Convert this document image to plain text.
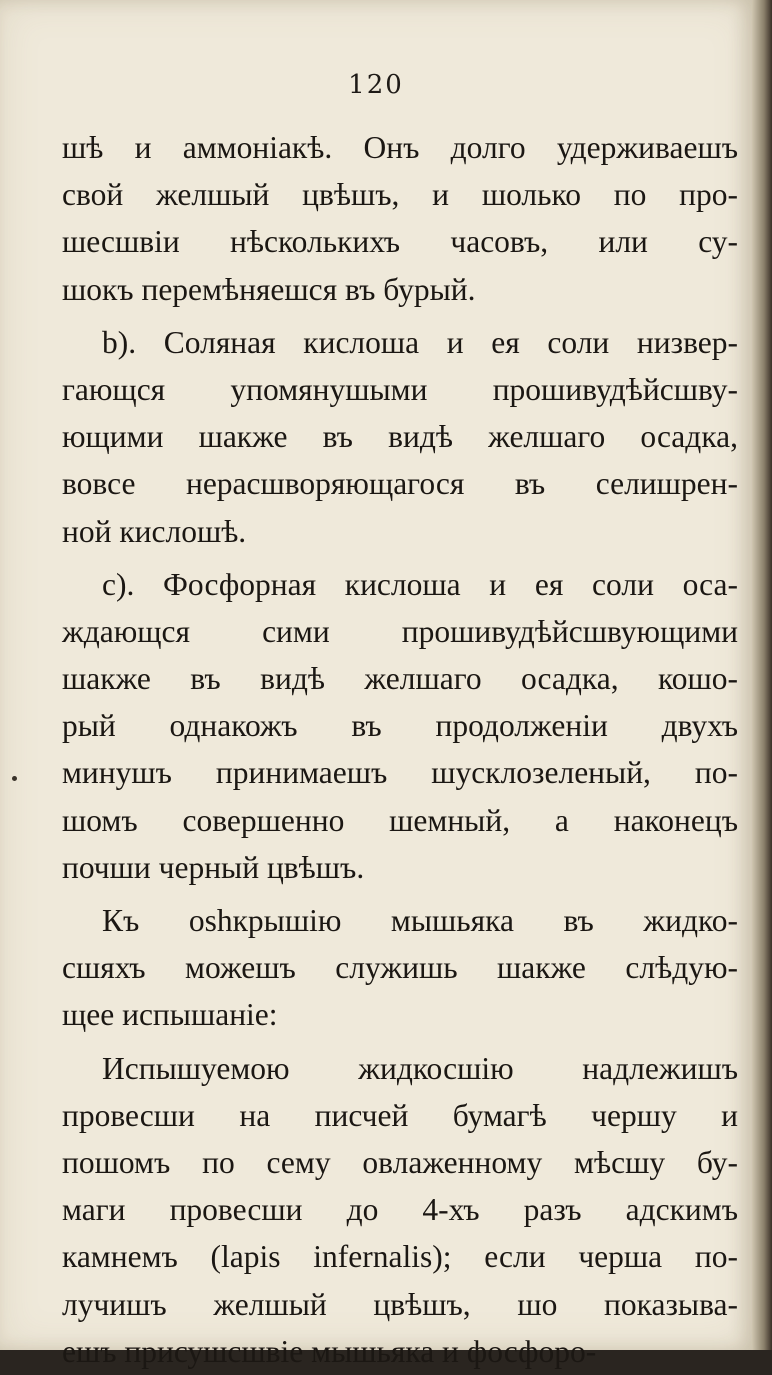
120
шѣ и аммоніакѣ. Онъ долго удерживаешъ
свой желшый цвѣшъ, и шолько по про-
шесшвіи нѣсколькихъ часовъ, или су-
шокъ перемѣняешся въ бурый.
b). Соляная кислоша и ея соли низвер-
гающся упомянушыми прошивудѣйсшву-
ющими шакже въ видѣ желшаго осадка,
вовсе нерасшворяющагося въ селишрен-
ной кислошѣ.
c). Фосфорная кислоша и ея соли оса-
ждающся сими прошивудѣйсшвующими
шакже въ видѣ желшаго осадка, кошо-
рый однакожъ въ продолженіи двухъ
минушъ принимаешъ шусклозеленый, по-
шомъ совершенно шемный, а наконецъ
почши черный цвѣшъ.
Къ оshкрышію мышьяка въ жидко-
сшяхъ можешъ служишь шакже слѣдую-
щее испышаніе:
Испышуемою жидкосшію надлежишъ
провесши на писчей бумагѣ чершу и
пошомъ по сему овлаженному мѣсшу бу-
маги провесши до 4-хъ разъ адскимъ
камнемъ (lapis infernalis); если черша по-
лучишъ желшый цвѣшъ, шо показыва-
ешъ присушсшвіе мышьяка и фосфоро-
